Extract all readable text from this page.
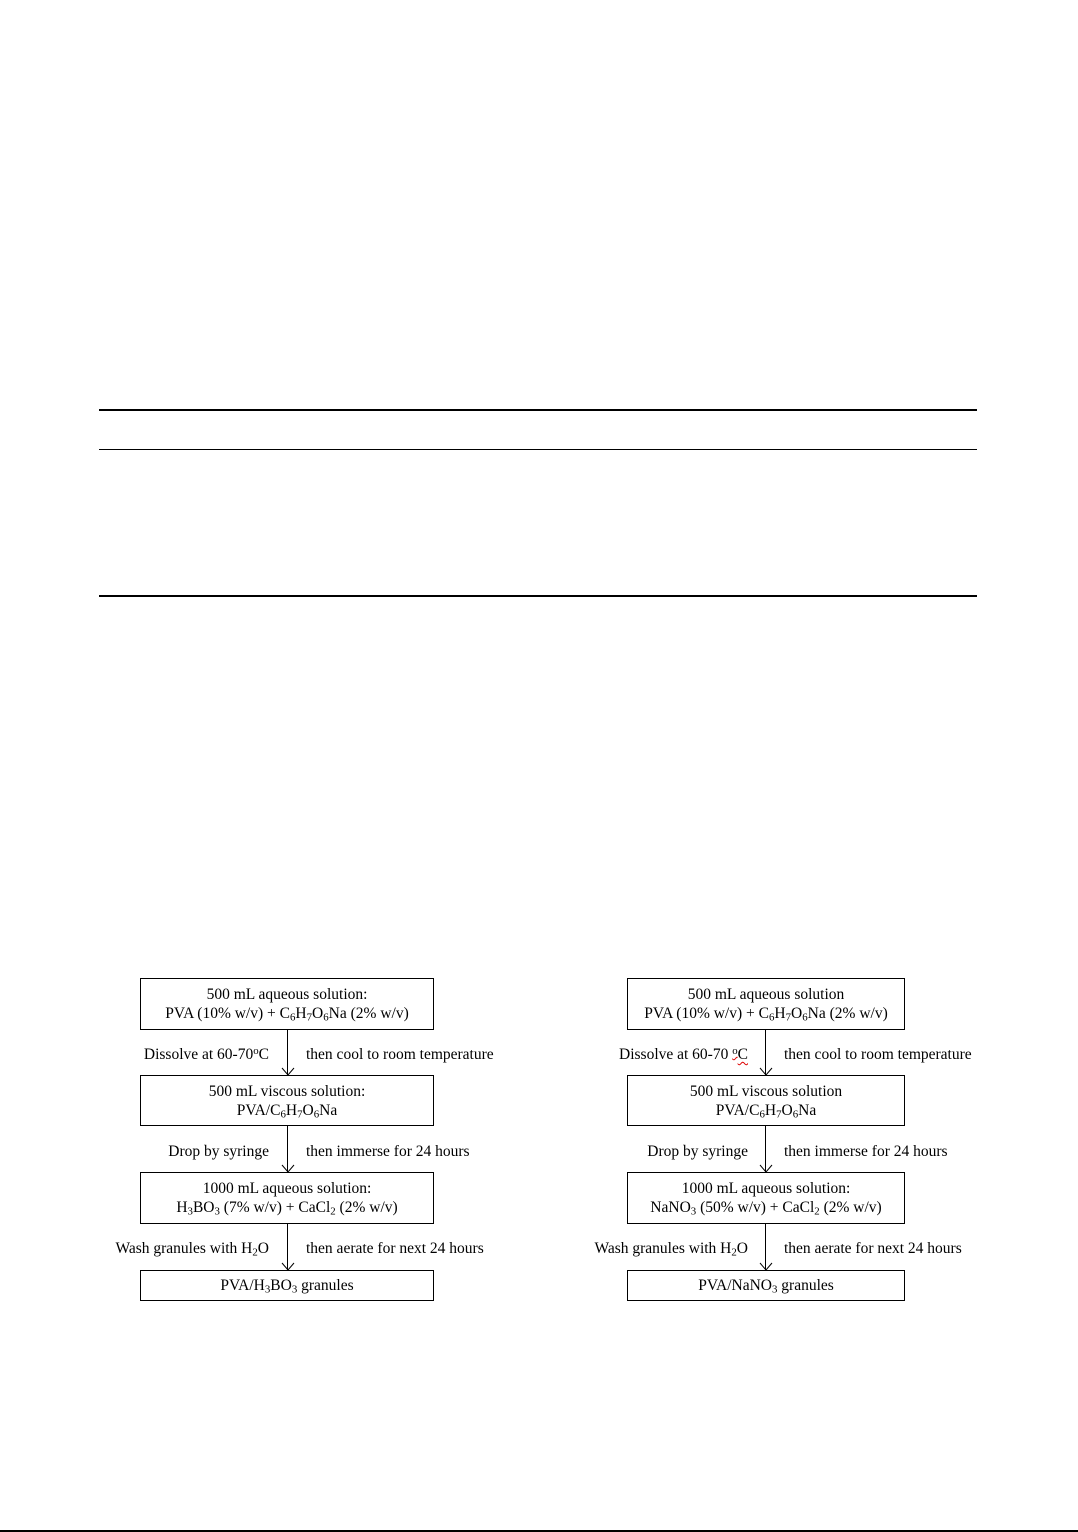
500 mL aqueous solution:
PVA (10% $w/v) + C_6H_7O_6Na$ (2% w/v)
Dissolve at 60-70$^o$C then cool to room temperature
500 mL viscous solution:
PVA/$C_6H_7O_6Na$
Drop by syringe then immerse for 24 hours
1000 mL aqueous solution:
$H_3BO_3$ (7% w/v) + CaCl$_2$ (2% w/v)
Wash granules with $H_2O$ then aerate for next 24 hours
PVA/$H_3BO_3$ granules
500 mL aqueous solution
PVA (10% $w/v) + C_6H_7O_6Na$ (2% w/v)
Dissolve at 60-70 $^o$C then cool to room temperature
500 mL viscous solution
PVA/$C_6H_7O_6Na$
Drop by syringe then immerse for 24 hours
1000 mL aqueous solution:
NaNO$_3$ (50% w/v) + CaCl$_2$ (2% w/v)
Wash granules with $H_2O$ then aerate for next 24 hours
PVA/NaNO$_3$ granules
